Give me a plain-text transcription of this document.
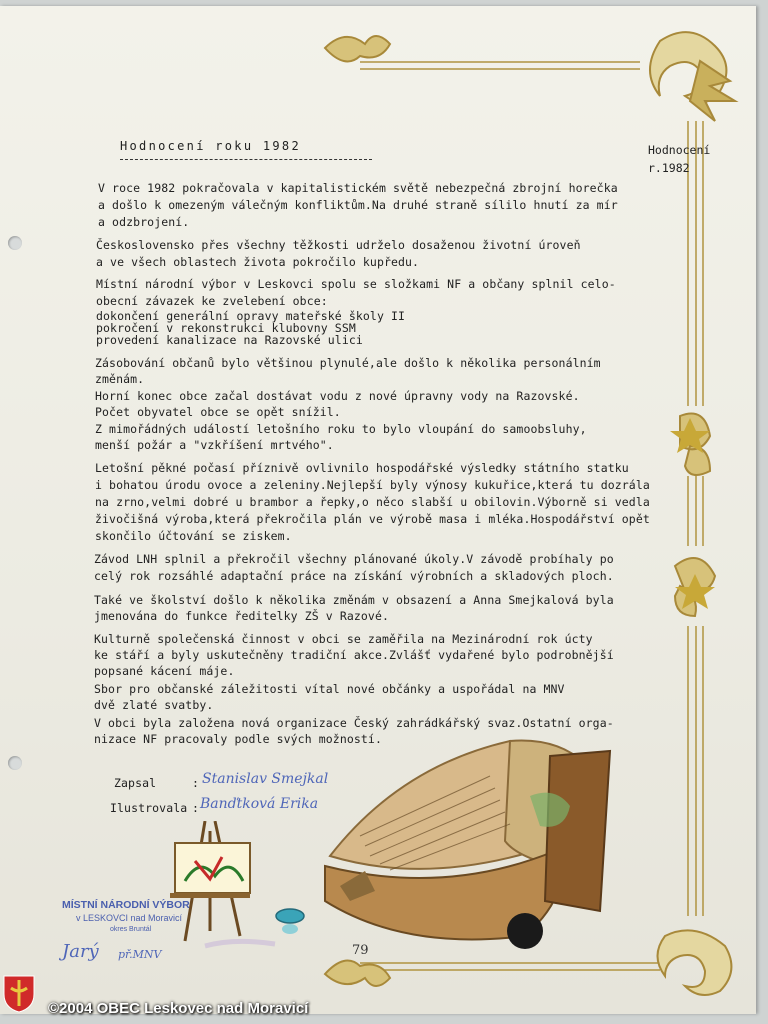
Hodnocení roku 1982	Hodnocení
r.1982
V roce 1982 pokračovala v kapitalistickém světě nebezpečná zbrojní horečka
a došlo k omezeným válečným konfliktům.Na druhé straně sílilo hnutí za mír
a odzbrojení.
Československo přes všechny těžkosti udrželo dosaženou životní úroveň
a ve všech oblastech života pokročilo kupředu.
Místní národní výbor v Leskovci spolu se složkami NF a občany splnil celo-
obecní závazek ke zvelebení obce:
dokončení generální opravy mateřské školy II
pokročení v rekonstrukci klubovny SSM
provedení kanalizace na Razovské ulici
Zásobování občanů bylo většinou plynulé,ale došlo k několika personálním
změnám.
Horní konec obce začal dostávat vodu z nové úpravny vody na Razovské.
Počet obyvatel obce se opět snížil.
Z mimořádných událostí letošního roku to bylo vloupání do samoobsluhy,
menší požár a "vzkříšení mrtvého".
Letošní pěkné počasí příznivě ovlivnilo hospodářské výsledky státního statku
i bohatou úrodu ovoce a zeleniny.Nejlepší byly výnosy kukuřice,která tu dozrála
na zrno,velmi dobré u brambor a řepky,o něco slabší u obilovin.Výborně si vedla
živočišná výroba,která překročila plán ve výrobě masa i mléka.Hospodářství opět
skončilo účtování se ziskem.
Závod LNH splnil a překročil všechny plánované úkoly.V závodě probíhaly po
celý rok rozsáhlé adaptační práce na získání výrobních a skladových ploch.
Také ve školství došlo k několika změnám v obsazení a Anna Smejkalová byla
jmenována do funkce ředitelky ZŠ v Razové.
Kulturně společenská činnost v obci se zaměřila na Mezinárodní rok úcty
ke stáří a byly uskutečněny tradiční akce.Zvlášť vydařené bylo podrobnější
popsané kácení máje.
Sbor pro občanské záležitosti vítal nové občánky a uspořádal na MNV
dvě zlaté svatby.
V obci byla založena nová organizace Český zahrádkářský svaz.Ostatní orga-
nizace NF pracovaly podle svých možností.
Zapsal	: Stanislav Smejkal
Ilustrovala : Banďtková Erika
79
MÍSTNÍ NÁRODNÍ VÝBOR
v LESKOVCI nad Moravicí
okres Bruntál
Jarý př.MNV
©2004 OBEC Leskovec nad Moravicí
